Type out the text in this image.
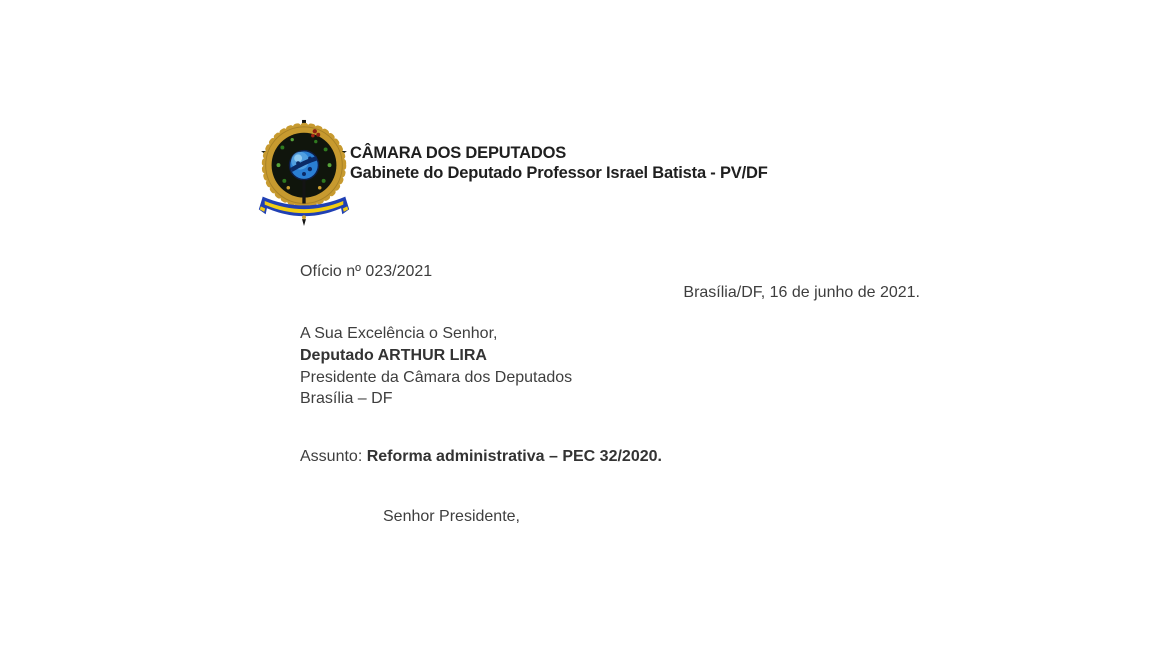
CÂMARA DOS DEPUTADOS
Gabinete do Deputado Professor Israel Batista - PV/DF
Ofício nº 023/2021
Brasília/DF, 16 de junho de 2021.
A Sua Excelência o Senhor,
Deputado ARTHUR LIRA
Presidente da Câmara dos Deputados
Brasília – DF
Assunto: Reforma administrativa – PEC 32/2020.
Senhor Presidente,
